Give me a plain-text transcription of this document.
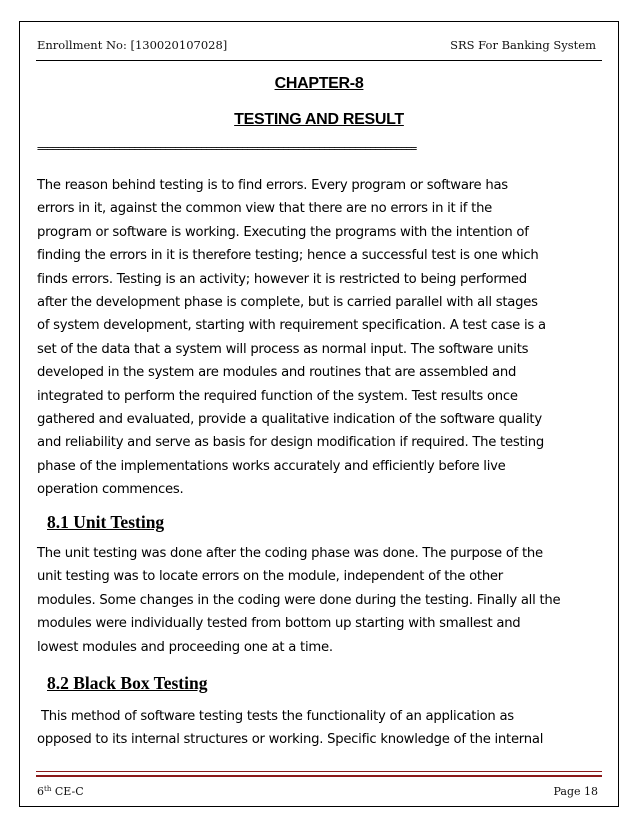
Enrollment No: [130020107028]	SRS For Banking System
CHAPTER-8
TESTING AND RESULT
==========================================================================
The reason behind testing is to find errors. Every program or software has
errors in it, against the common view that there are no errors in it if the
program or software is working. Executing the programs with the intention of
finding the errors in it is therefore testing; hence a successful test is one which
finds errors. Testing is an activity; however it is restricted to being performed
after the development phase is complete, but is carried parallel with all stages
of system development, starting with requirement specification. A test case is a
set of the data that a system will process as normal input. The software units
developed in the system are modules and routines that are assembled and
integrated to perform the required function of the system. Test results once
gathered and evaluated, provide a qualitative indication of the software quality
and reliability and serve as basis for design modification if required. The testing
phase of the implementations works accurately and efficiently before live
operation commences.
8.1 Unit Testing
The unit testing was done after the coding phase was done. The purpose of the
unit testing was to locate errors on the module, independent of the other
modules. Some changes in the coding were done during the testing. Finally all the
modules were individually tested from bottom up starting with smallest and
lowest modules and proceeding one at a time.
8.2 Black Box Testing
This method of software testing tests the functionality of an application as
opposed to its internal structures or working. Specific knowledge of the internal
6th CE-C	Page 18
